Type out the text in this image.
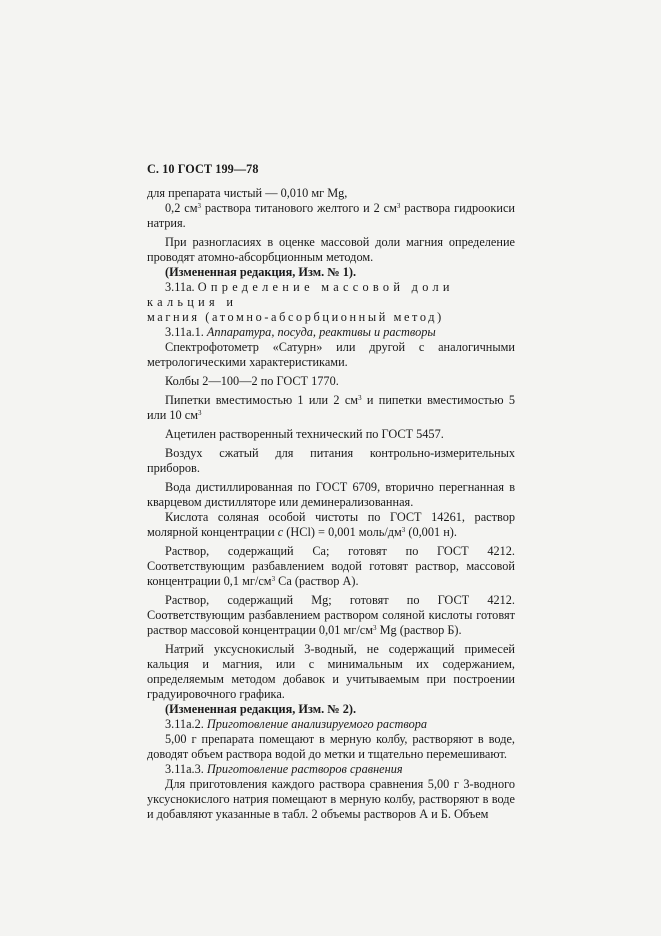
С. 10 ГОСТ 199—78

для препарата чистый — 0,010 мг Mg,

0,2 $см^3$ раствора титанового желтого и 2 $см^3$ раствора гидроокиси натрия.

При разногласиях в оценке массовой доли магния определение проводят атомно-абсорбционным методом.

(Измененная редакция, Изм. № 1).

3.11а. Определение массовой доли кальция и

магния (атомно-абсорбционный метод)

3.11а.1. Аппаратура, посуда, реактивы и растворы

Спектрофотометр «Сатурн» или другой с аналогичными метрологическими характеристиками.

Колбы 2—100—2 по ГОСТ 1770.

Пипетки вместимостью 1 или 2 $см^3$ и пипетки вместимостью 5 или 10 $см^3$

Ацетилен растворенный технический по ГОСТ 5457.

Воздух сжатый для питания контрольно-измерительных приборов.

Вода дистиллированная по ГОСТ 6709, вторично перегнанная в кварцевом дистилляторе или деминерализованная.

Кислота соляная особой чистоты по ГОСТ 14261, раствор молярной концентрации c (HCl) = 0,001 моль/$дм^3$ (0,001 н).

Раствор, содержащий Са; готовят по ГОСТ 4212. Соответствующим разбавлением водой готовят раствор, массовой концентрации 0,1 $мг/см^3$ Са (раствор А).

Раствор, содержащий Mg; готовят по ГОСТ 4212. Соответствующим разбавлением раствором соляной кислоты готовят раствор массовой концентрации 0,01 $мг/см^3$ Mg (раствор Б).

Натрий уксуснокислый 3-водный, не содержащий примесей кальция и магния, или с минимальным их содержанием, определяемым методом добавок и учитываемым при построении градуировочного графика.

(Измененная редакция, Изм. № 2).

3.11а.2. Приготовление анализируемого раствора

5,00 г препарата помещают в мерную колбу, растворяют в воде, доводят объем раствора водой до метки и тщательно перемешивают.

3.11а.3. Приготовление растворов сравнения

Для приготовления каждого раствора сравнения 5,00 г 3-водного уксуснокислого натрия помещают в мерную колбу, растворяют в воде и добавляют указанные в табл. 2 объемы растворов А и Б. Объем
